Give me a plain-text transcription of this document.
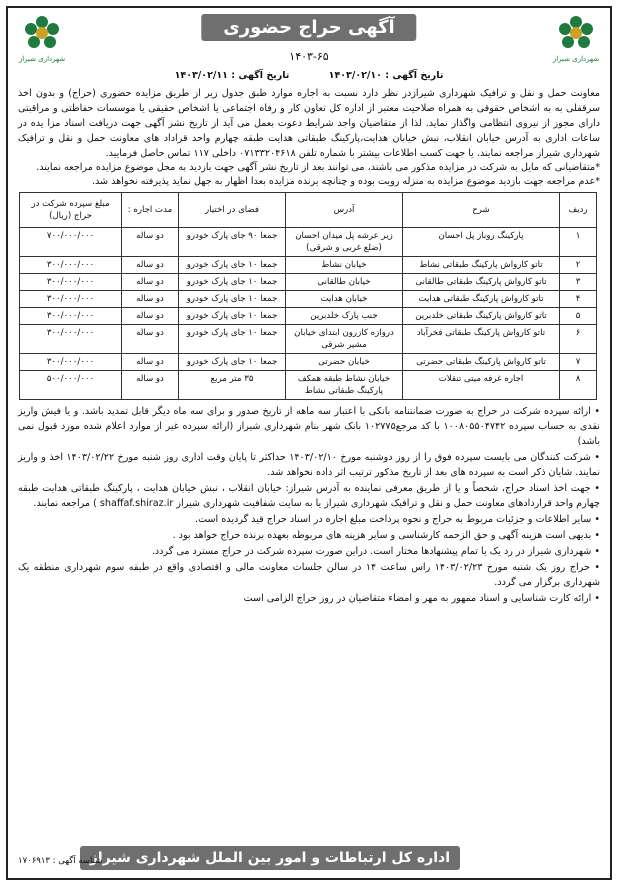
شهرداری شیراز
آگهی حراج حضوری
۱۴۰۳-۶۵
تاریخ آگهی : ۱۴۰۳/۰۲/۱۰ تاریخ آگهی : ۱۴۰۳/۰۲/۱۱
شهرداری شیراز

معاونت حمل و نقل و ترافیک شهرداری شیرازدر نظر دارد نسبت به اجاره موارد طبق جدول زیر از طریق مزایده حضوری (حراج) و بدون اخذ سرقفلی به به اشخاص حقوقی به همراه صلاحیت معتبر از اداره کل تعاون کار و رفاه اجتماعی یا اشخاص حقیقی یا موسسات حفاظتی و مراقبتی دارای مجوز از نیروی انتظامی واگذار نماید. لذا از متقاضیان واجد شرایط دعوت بعمل می آید از تاریخ نشر آگهی جهت دریافت اسناد مزا یده در ساعات اداری به آدرس خیابان انقلاب، نبش خیابان هدایت،پارکینگ طبقاتی هدایت طبقه چهارم واحد قراداد های معاونت حمل و نقل و ترافیک شهرداری شیراز مراجعه نمایند. یا جهت کسب اطلاعات بیشتر با شماره تلفن ۰۷۱۳۳۲۰۴۶۱۸ داخلی ۱۱۷ تماس حاصل فرمایید.

*متقاضیانی که مایل به شرکت در مزایده مذکور می باشند، می توانند بعد از تاریخ نشر آگهی جهت بازدید به محل موضوع مزایده مراجعه نمایند.
*عدم مراجعه جهت بازدید موضوع مزایده به منزله رویت بوده و چنانچه برنده مزایده بعدا اظهار به جهل نماید پذیرفته نخواهد شد.
ردیف	شرح	آدرس	فضای در اختیار	مدت اجاره :	مبلغ سپرده شرکت در حراج (ریال)
۱	پارکینگ روباز پل احسان	زیر عرشه پل میدان احسان (ضلع غربی و شرقی)	جمعا ۹۰ جای پارک خودرو	دو ساله	۷۰۰/۰۰۰/۰۰۰
۲	تاتو کارواش پارکینگ طبقاتی نشاط	خیابان نشاط	جمعا ۱۰ جای پارک خودرو	دو ساله	۳۰۰/۰۰۰/۰۰۰
۳	تاتو کارواش پارکینگ طبقاتی طالقانی	خیابان طالقانی	جمعا ۱۰ جای پارک خودرو	دو ساله	۳۰۰/۰۰۰/۰۰۰
۴	تاتو کارواش پارکینگ طبقاتی هدایت	خیابان هدایت	جمعا ۱۰ جای پارک خودرو	دو ساله	۳۰۰/۰۰۰/۰۰۰
۵	تاتو کارواش پارکینگ طبقاتی خلدبرین	جنب پارک خلدبرین	جمعا ۱۰ جای پارک خودرو	دو ساله	۳۰۰/۰۰۰/۰۰۰
۶	تاتو کارواش پارکینگ طبقاتی فخرآباد	دروازه کازرون ابتدای خیابان مشیر شرقی	جمعا ۱۰ جای پارک خودرو	دو ساله	۳۰۰/۰۰۰/۰۰۰
۷	تاتو کارواش پارکینگ طبقاتی حضرتی	خیابان حضرتی	جمعا ۱۰ جای پارک خودرو	دو ساله	۳۰۰/۰۰۰/۰۰۰
۸	اجاره غرفه میتی تنقلات	خیابان نشاط طبقه همکف پارکینگ طبقاتی نشاط	۳۵ متر مربع	دو ساله	۵۰۰/۰۰۰/۰۰۰

• ارائه سپرده شرکت در حراج به صورت ضمانتنامه بانکی با اعتبار سه ماهه از تاریخ صدور و برای سه ماه دیگر قابل تمدید باشد. و یا فیش واریز نقدی به حساب سپرده ۱۰۰۸۰۵۵۰۴۷۴۲ با کد مرجع۱۰۲۷۷۵ بانک شهر بنام شهرداری شیراز (ارائه سپرده غیر از موارد اعلام شده مورد قبول نمی باشد)

• شرکت کنندگان می بایست سپرده فوق را از روز دوشنبه مورخ ۱۴۰۳/۰۲/۱۰ حداکثر تا پایان وقت اداری روز شنبه مورخ ۱۴۰۳/۰۲/۲۲ اخذ و واریز نمایند. شایان ذکر است به سپرده های بعد از تاریخ مذکور ترتیب اثر داده نخواهد شد.

• جهت اخذ اسناد حراج، شخصاً و یا از طریق معرفی نماینده به آدرس شیراز: خیابان انقلاب ، نبش خیابان هدایت ، پارکینگ طبقاتی هدایت طبقه چهارم واحد قراردادهای معاونت حمل و نقل و ترافیک شهرداری شیراز یا به سایت شفافیت شهرداری شیراز shaffaf.shiraz.ir ) مراجعه نمایند.

• سایر اطلاعات و جزئیات مربوط به حراج و نحوه پرداخت مبلغ اجاره در اسناد حراج قید گردیده است.

• بدیهی است هزینه آگهی و حق الزحمه کارشناسی و سایر هزینه های مربوطه بعهده برنده حراج خواهد بود .

• شهرداری شیراز در رد یک یا تمام پیشنهادها مختار است. دراین صورت سپرده شرکت در حراج مسترد می گردد.

• حراج روز یک شنبه مورخ ۱۴۰۳/۰۲/۲۳ راس ساعت ۱۴ در سالن جلسات معاونت مالی و اقتصادی واقع در طبقه سوم شهرداری منطقه یک شهرداری برگزار می گردد.

• ارائه کارت شناسایی و اسناد ممهور به مهر و امضاء متقاضیان در روز حراج الزامی است

اداره کل ارتباطات و امور بین الملل شهرداری شیراز
شناسه آگهی : ۱۷۰۶۹۱۳
